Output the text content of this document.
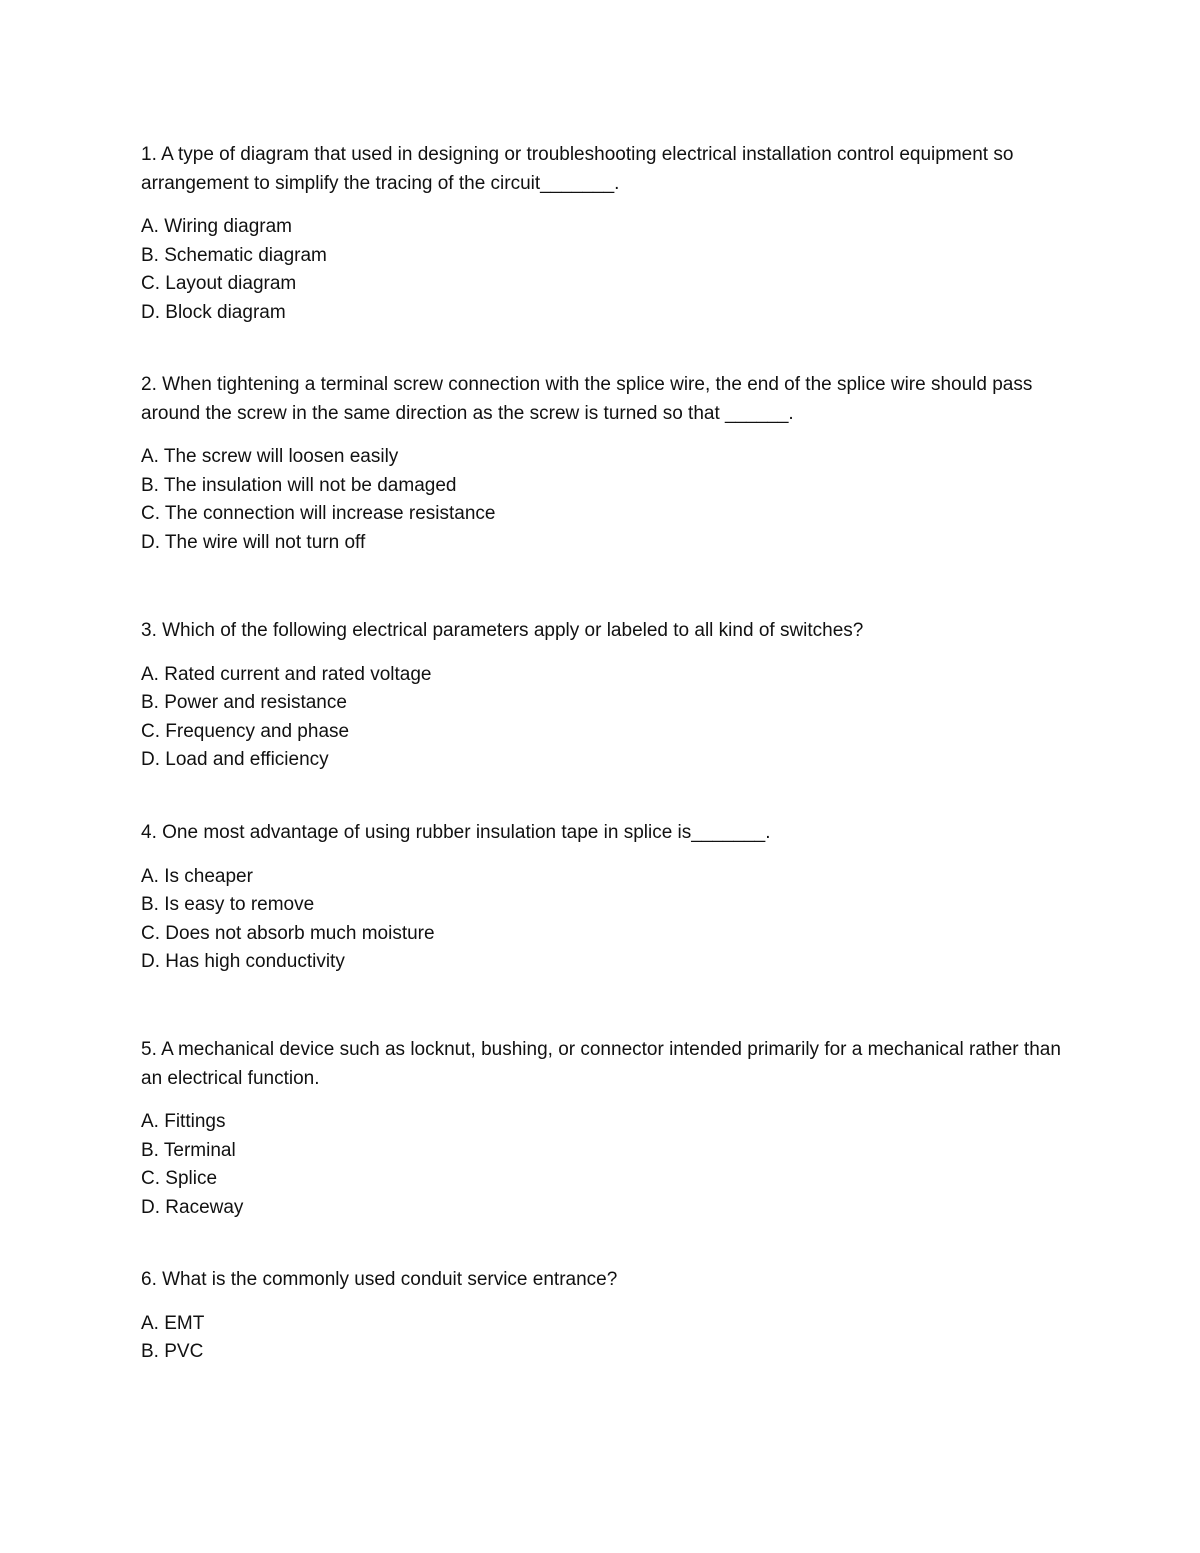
1. A type of diagram that used in designing or troubleshooting electrical installation control equipment so arrangement to simplify the tracing of the circuit_______.

A. Wiring diagram
B. Schematic diagram
C. Layout diagram
D. Block diagram

2. When tightening a terminal screw connection with the splice wire, the end of the splice wire should pass around the screw in the same direction as the screw is turned so that ______.

A. The screw will loosen easily
B. The insulation will not be damaged
C. The connection will increase resistance
D. The wire will not turn off

3. Which of the following electrical parameters apply or labeled to all kind of switches?

A. Rated current and rated voltage
B. Power and resistance
C. Frequency and phase
D. Load and efficiency

4. One most advantage of using rubber insulation tape in splice is_______.

A. Is cheaper
B. Is easy to remove
C. Does not absorb much moisture
D. Has high conductivity

5. A mechanical device such as locknut, bushing, or connector intended primarily for a mechanical rather than an electrical function.

A. Fittings
B. Terminal
C. Splice
D. Raceway

6. What is the commonly used conduit service entrance?

A. EMT
B. PVC
